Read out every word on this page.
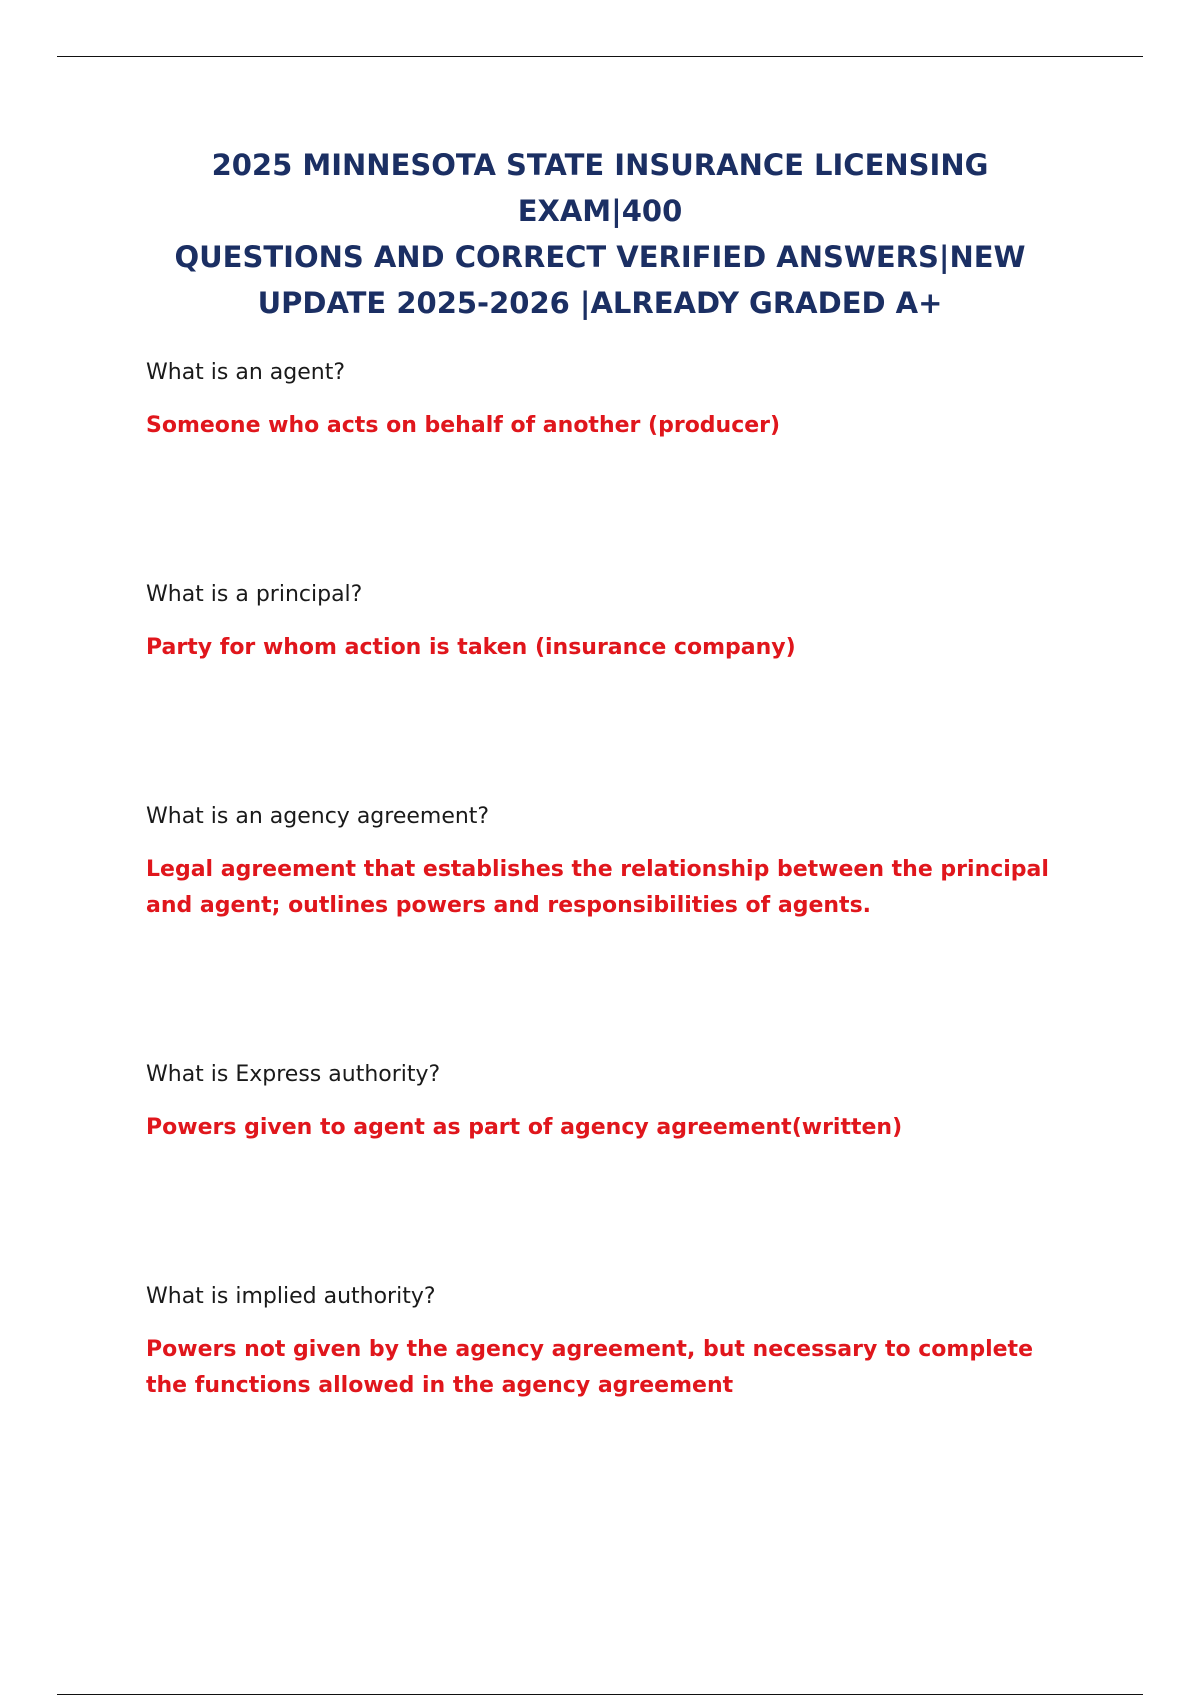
2025 MINNESOTA STATE INSURANCE LICENSING EXAM|400
QUESTIONS AND CORRECT VERIFIED ANSWERS|NEW
UPDATE 2025-2026 |ALREADY GRADED A+

What is an agent?

Someone who acts on behalf of another (producer)

What is a principal?

Party for whom action is taken (insurance company)

What is an agency agreement?

Legal agreement that establishes the relationship between the principal and agent; outlines powers and responsibilities of agents.

What is Express authority?

Powers given to agent as part of agency agreement(written)

What is implied authority?

Powers not given by the agency agreement, but necessary to complete the functions allowed in the agency agreement
